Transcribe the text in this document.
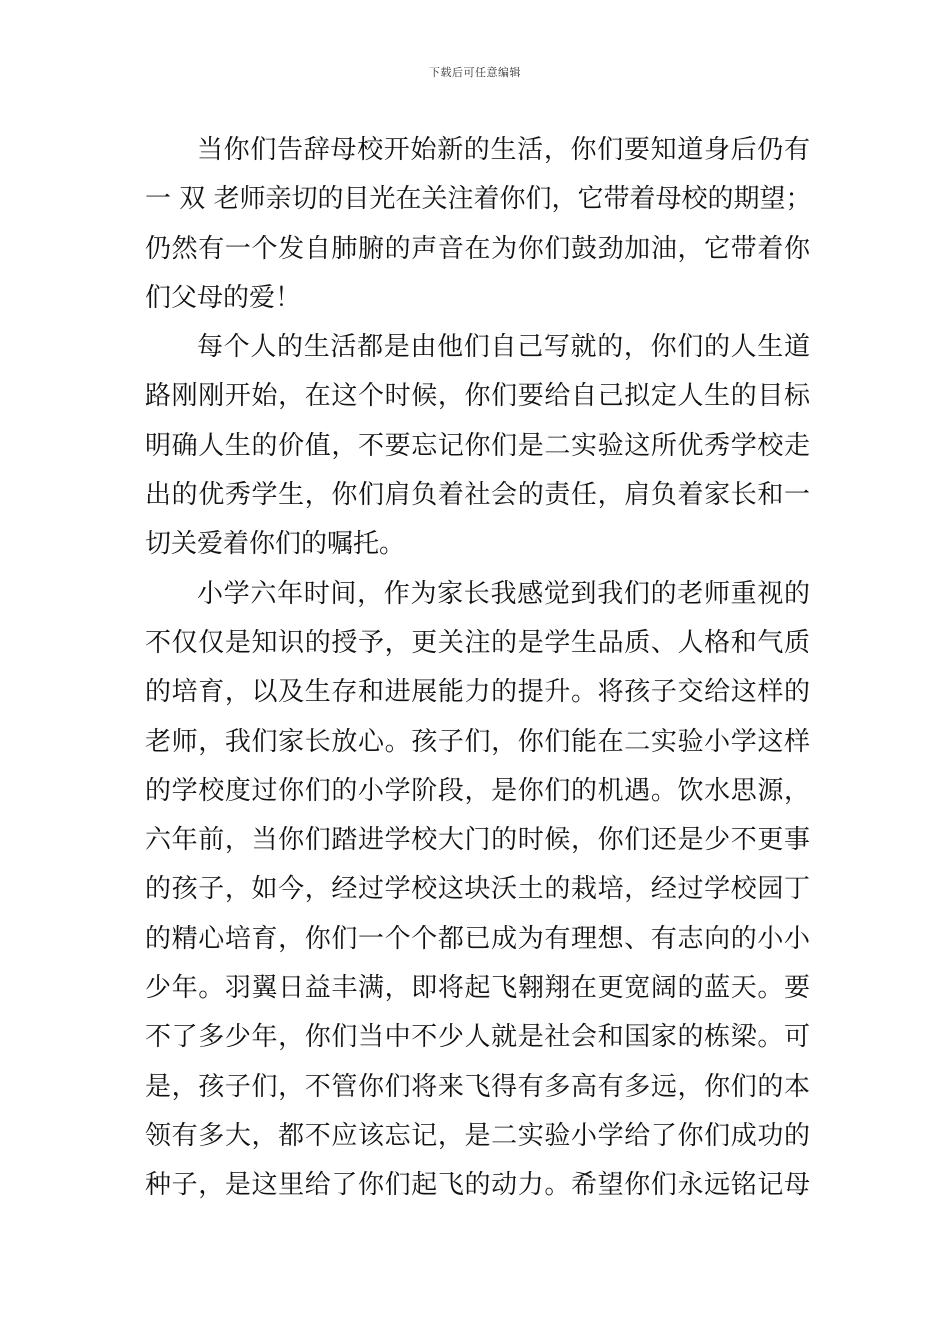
下载后可任意编辑

当你们告辞母校开始新的生活，你们要知道身后仍有
一 双 老师亲切的目光在关注着你们，它带着母校的期望；
仍然有一个发自肺腑的声音在为你们鼓劲加油，它带着你
们父母的爱！

每个人的生活都是由他们自己写就的，你们的人生道
路刚刚开始，在这个时候，你们要给自己拟定人生的目标
明确人生的价值，不要忘记你们是二实验这所优秀学校走
出的优秀学生，你们肩负着社会的责任，肩负着家长和一
切关爱着你们的嘱托。

小学六年时间，作为家长我感觉到我们的老师重视的
不仅仅是知识的授予，更关注的是学生品质、人格和气质
的培育，以及生存和进展能力的提升。将孩子交给这样的
老师，我们家长放心。孩子们，你们能在二实验小学这样
的学校度过你们的小学阶段，是你们的机遇。饮水思源，
六年前，当你们踏进学校大门的时候，你们还是少不更事
的孩子，如今，经过学校这块沃土的栽培，经过学校园丁
的精心培育，你们一个个都已成为有理想、有志向的小小
少年。羽翼日益丰满，即将起飞翱翔在更宽阔的蓝天。要
不了多少年，你们当中不少人就是社会和国家的栋梁。可
是，孩子们，不管你们将来飞得有多高有多远，你们的本
领有多大，都不应该忘记，是二实验小学给了你们成功的
种子，是这里给了你们起飞的动力。希望你们永远铭记母
